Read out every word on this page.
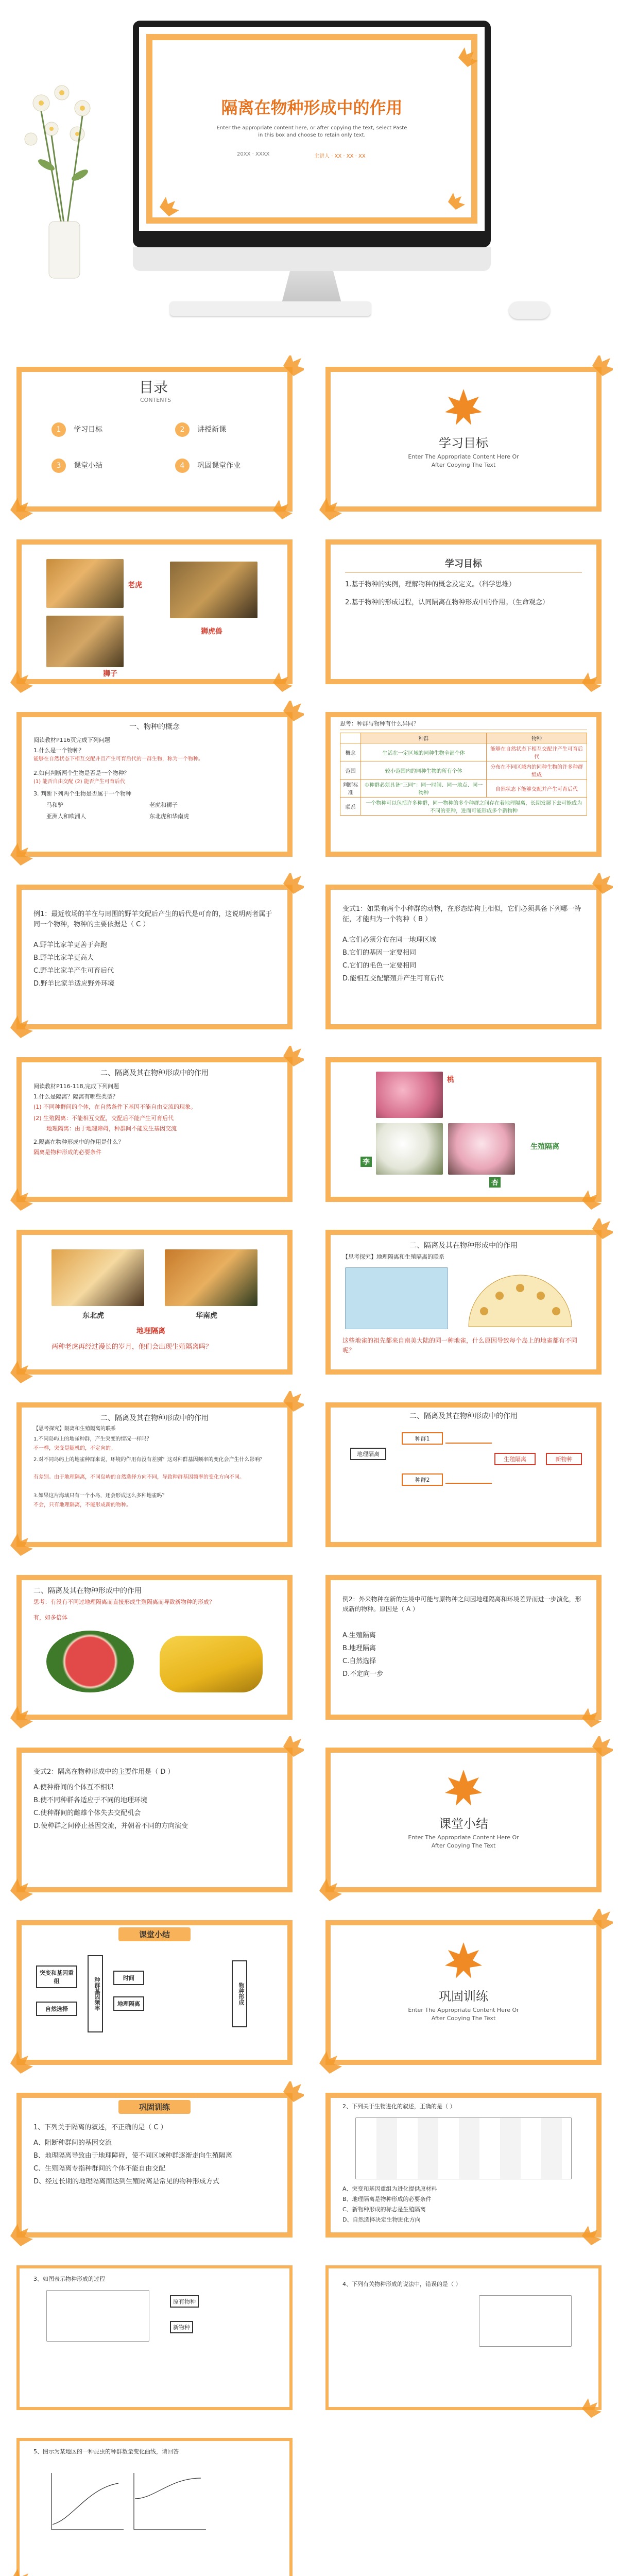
隔离在物种形成中的作用
Enter the appropriate content here, or after copying the text, select Paste in this box and choose to retain only text.
20XX · XXXX	主讲人 · XX · XX · XX
目录
CONTENTS
1 学习目标	2 讲授新课
3 课堂小结	4 巩固课堂作业
学习目标
Enter The Appropriate Content Here Or
After Copying The Text
老虎
狮虎兽
狮子
学习目标
1.基于物种的实例，理解物种的概念及定义。（科学思维）
2.基于物种的形成过程，认同隔离在物种形成中的作用。（生命观念）
一、物种的概念
阅读教材P116页完成下列问题
1.什么是一个物种？
能够在自然状态下相互交配并且产生可育后代的一群生物，称为一个物种。
2.如何判断两个生物是否是一个物种？
(1) 能否自由交配 (2) 能否产生可育后代
3. 判断下列两个生物是否属于一个物种
马和驴	老虎和狮子
亚洲人和欧洲人	东北虎和华南虎
思考：种群与物种有什么异同？
	种群	物种
概念	生活在一定区域的同种生物全部个体	能够在自然状态下相互交配并产生可育后代
范围	较小范围内的同种生物的所有个体	分布在不同区域内的同种生物的许多种群组成
判断标准	①种群必须具备“三同”：同一时间、同一地点、同一物种	自然状态下能够交配并产生可育后代
联系	一个物种可以包括许多种群，同一物种的多个种群之间存在着地理隔离，长期发展下去可能成为不同的亚种，进而可能形成多个新物种	
例1：最近牧场的羊在与周围的野羊交配后产生的后代是可育的，这说明两者属于同一个物种，物种的主要依据是（ C ）
A.野羊比家羊更善于奔跑
B.野羊比家羊更高大
C.野羊比家羊产生可育后代
D.野羊比家羊适应野外环境
变式1：如果有两个小种群的动物，在形态结构上相似，它们必须具备下列哪一特征，才能归为一个物种（ B ）
A.它们必须分布在同一地理区域
B.它们的基因一定要相同
C.它们的毛色一定要相同
D.能相互交配繁殖并产生可育后代
二、隔离及其在物种形成中的作用
阅读教材P116-118,完成下列问题
1.什么是隔离？隔离有哪些类型？
(1) 不同种群间的个体，在自然条件下基因不能自由交流的现象。
(2) 生殖隔离：不能相互交配，交配后不能产生可育后代
地理隔离：由于地理障碍，种群间不能发生基因交流
2.隔离在物种形成中的作用是什么？
隔离是物种形成的必要条件
桃
李
杏
生殖隔离
东北虎	华南虎
地理隔离
两种老虎再经过漫长的岁月，他们会出现生殖隔离吗？
二、隔离及其在物种形成中的作用
【思考探究】地理隔离和生殖隔离的联系
这些地雀的祖先都来自南美大陆的同一种地雀，什么原因导致每个岛上的地雀都有不同呢？
二、隔离及其在物种形成中的作用
【思考探究】隔离和生殖隔离的联系
1.不同岛屿上的地雀种群，产生突变的情况一样吗？
不一样，突变是随机的，不定向的。
2.对不同岛屿上的地雀种群来说，环境的作用有没有差别？这对种群基因频率的变化会产生什么影响？
有差别。由于地理隔离，不同岛屿的自然选择方向不同，导致种群基因频率的变化方向不同。
3.如果这片海域只有一个小岛，还会形成这么多种地雀吗？
不会，只有地理隔离，不能形成新的物种。
二、隔离及其在物种形成中的作用
地理隔离
种群1
种群2
生殖隔离	新物种
二、隔离及其在物种形成中的作用
思考：有没有不同过地理隔离而直接形成生殖隔离而导致新物种的形成？
有，如多倍体
例2：外来物种在新的生境中可能与原物种之间因地理隔离和环境差异而进一步演化，形成新的物种。原因是（ A ）
A.生殖隔离
B.地理隔离
C.自然选择
D.不定向一步
变式2：隔离在物种形成中的主要作用是（ D ）
A.使种群间的个体互不相识
B.使不同种群各适应于不同的地理环境
C.使种群间的雌雄个体失去交配机会
D.使种群之间停止基因交流，并朝着不同的方向演变	课堂小结
Enter The Appropriate Content Here Or
After Copying The Text
课堂小结
突变和基因重组
自然选择	种群基因频率	时间
地理隔离	物种形成	巩固训练
Enter The Appropriate Content Here Or
After Copying The Text
巩固训练
1、下列关于隔离的叙述，不正确的是（ C ）
A、阻断种群间的基因交流
B、地理隔离导致由于地理障碍，使不同区域种群逐渐走向生殖隔离
C、生殖隔离专指种群间的个体不能自由交配
D、经过长期的地理隔离而达到生殖隔离是常见的物种形成方式
2、下列关于生物进化的叙述，正确的是（ ）
A、突变和基因重组为进化提供原材料
B、地理隔离是物种形成的必要条件
C、新物种形成的标志是生殖隔离
D、自然选择决定生物进化方向
3、如图表示物种形成的过程
原有物种
新物种
4、下列有关物种形成的说法中，错误的是（ ）
5、图示为某地区的一种昆虫的种群数量变化曲线，请回答
